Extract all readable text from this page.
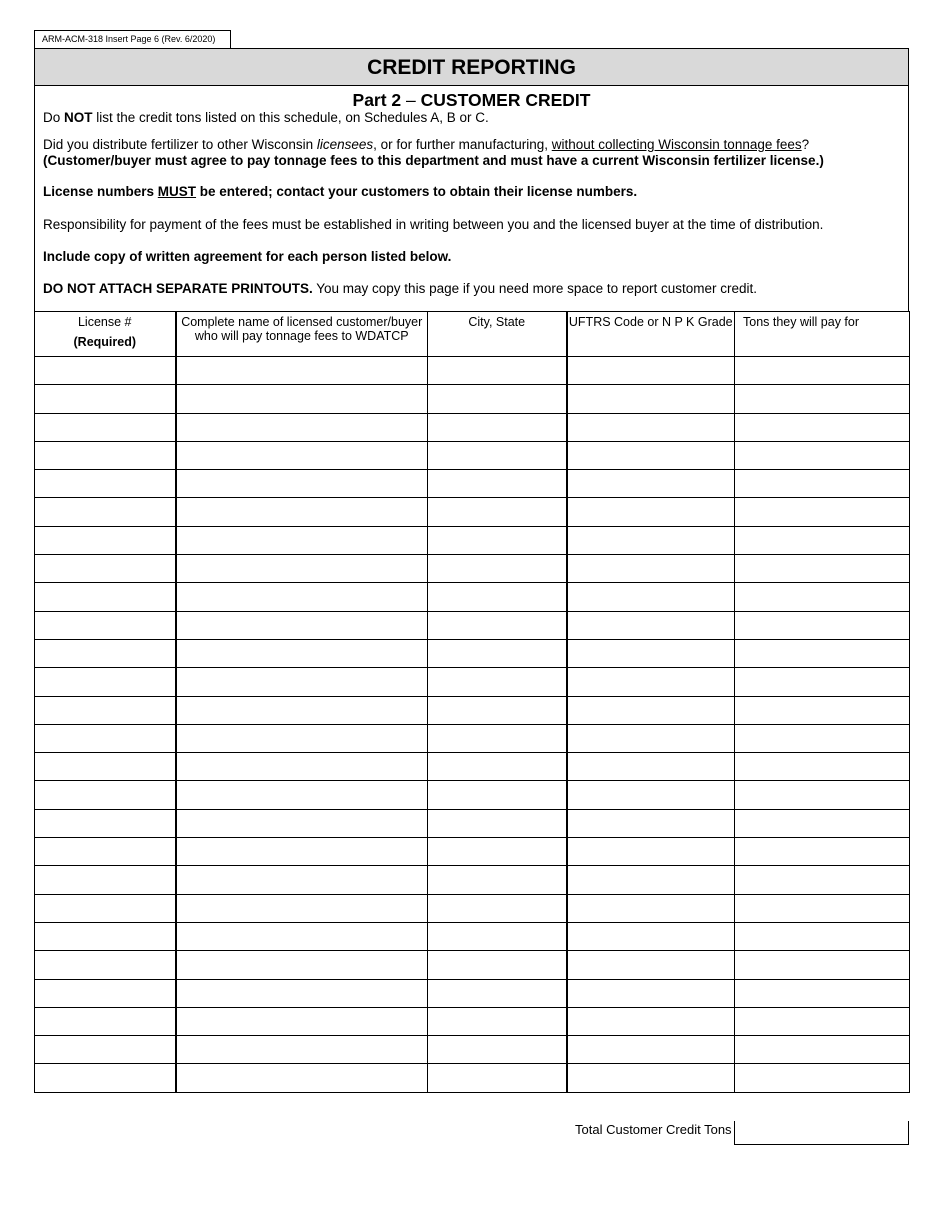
ARM-ACM-318 Insert Page 6 (Rev. 6/2020)
CREDIT REPORTING
Part 2 – CUSTOMER CREDIT
Do NOT list the credit tons listed on this schedule, on Schedules A, B or C.
Did you distribute fertilizer to other Wisconsin licensees, or for further manufacturing, without collecting Wisconsin tonnage fees?
(Customer/buyer must agree to pay tonnage fees to this department and must have a current Wisconsin fertilizer license.)
License numbers MUST be entered; contact your customers to obtain their license numbers.
Responsibility for payment of the fees must be established in writing between you and the licensed buyer at the time of distribution.
Include copy of written agreement for each person listed below.
DO NOT ATTACH SEPARATE PRINTOUTS. You may copy this page if you need more space to report customer credit.
License #
(Required)	Complete name of licensed customer/buyer who will pay tonnage fees to WDATCP	City, State	UFTRS Code or N P K Grade	Tons they will pay for

Total Customer Credit Tons
